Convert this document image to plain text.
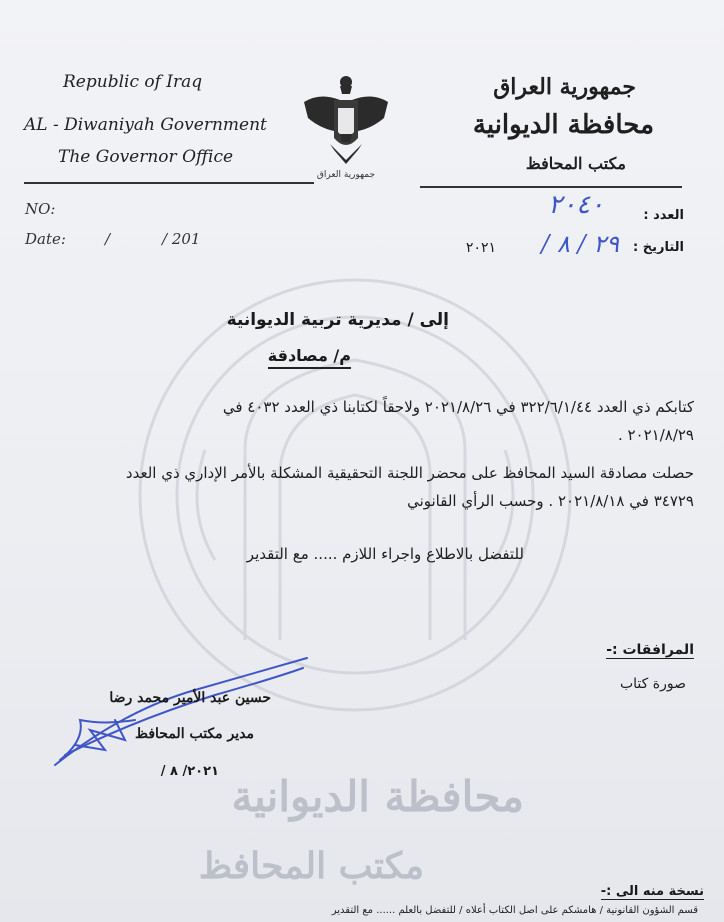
Republic of Iraq
AL - Diwaniyah Government
The Governor Office
جمهورية العراق
جمهورية العراق
محافظة الديوانية
مكتب المحافظ
NO:
Date:	/	/ 201
العدد :
٢٠٤٠
التاريخ :
٢٩ / ٨ /
٢٠٢١
إلى / مديرية تربية الديوانية
م/ مصادقة
كتابكم ذي العدد ٣٢٢/٦/١/٤٤ في ٢٠٢١/٨/٢٦ ولاحقاً لكتابنا ذي العدد ٤٠٣٢ في
٢٠٢١/٨/٢٩ .
حصلت مصادقة السيد المحافظ على محضر اللجنة التحقيقية المشكلة بالأمر الإداري ذي العدد
٣٤٧٢٩ في ٢٠٢١/٨/١٨ . وحسب الرأي القانوني
للتفضل بالاطلاع واجراء اللازم ..... مع التقدير
المرافقات :-
صورة كتاب
حسين عبد الأمير محمد رضا
مدير مكتب المحافظ
٢٠٢١/ ٨ /
محافظة الديوانية
مكتب المحافظ
نسخة منه الى :-
قسم الشؤون القانونية / هامشكم على اصل الكتاب أعلاه / للتفضل بالعلم ...... مع التقدير
